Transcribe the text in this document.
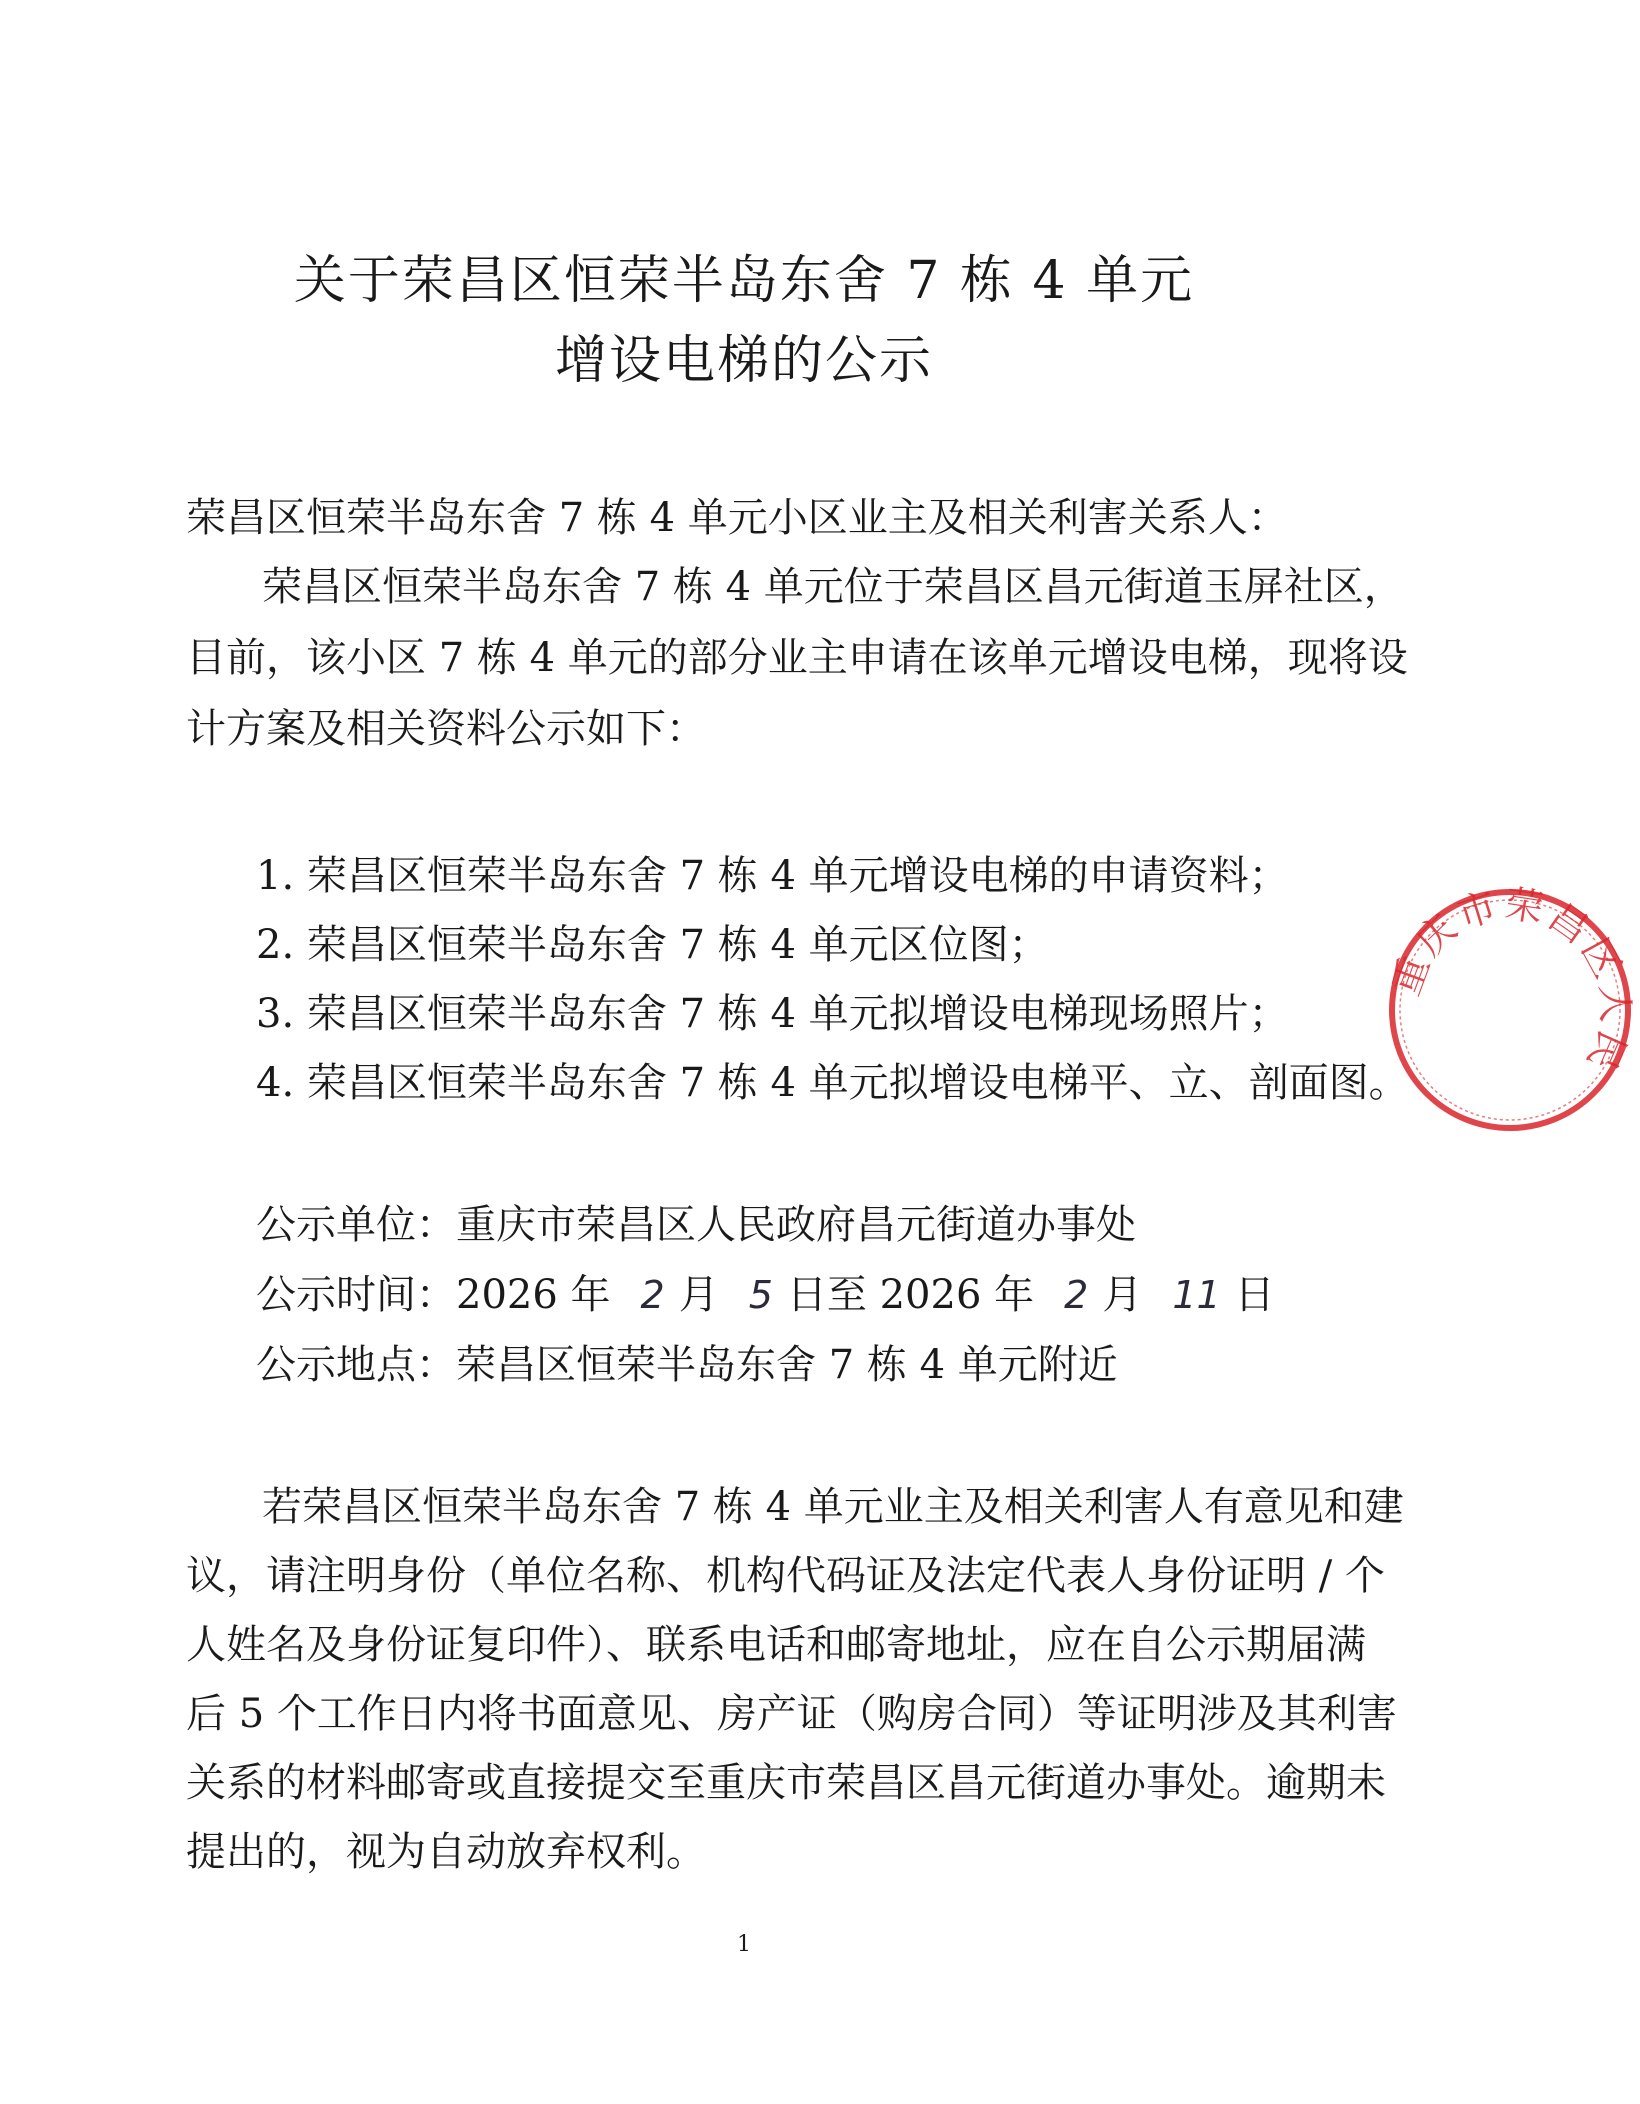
关于荣昌区恒荣半岛东舍 7 栋 4 单元
增设电梯的公示
荣昌区恒荣半岛东舍 7 栋 4 单元小区业主及相关利害关系人：
荣昌区恒荣半岛东舍 7 栋 4 单元位于荣昌区昌元街道玉屏社区，
目前，该小区 7 栋 4 单元的部分业主申请在该单元增设电梯，现将设
计方案及相关资料公示如下：
1. 荣昌区恒荣半岛东舍 7 栋 4 单元增设电梯的申请资料；
2. 荣昌区恒荣半岛东舍 7 栋 4 单元区位图；
3. 荣昌区恒荣半岛东舍 7 栋 4 单元拟增设电梯现场照片；
4. 荣昌区恒荣半岛东舍 7 栋 4 单元拟增设电梯平、立、剖面图。
公示单位：重庆市荣昌区人民政府昌元街道办事处
公示时间：2026 年 2 月 5 日至 2026 年 2 月 11 日
公示地点：荣昌区恒荣半岛东舍 7 栋 4 单元附近
若荣昌区恒荣半岛东舍 7 栋 4 单元业主及相关利害人有意见和建
议，请注明身份（单位名称、机构代码证及法定代表人身份证明 / 个
人姓名及身份证复印件）、联系电话和邮寄地址，应在自公示期届满
后 5 个工作日内将书面意见、房产证（购房合同）等证明涉及其利害
关系的材料邮寄或直接提交至重庆市荣昌区昌元街道办事处。逾期未
提出的，视为自动放弃权利。
1
重庆市荣昌区人民
